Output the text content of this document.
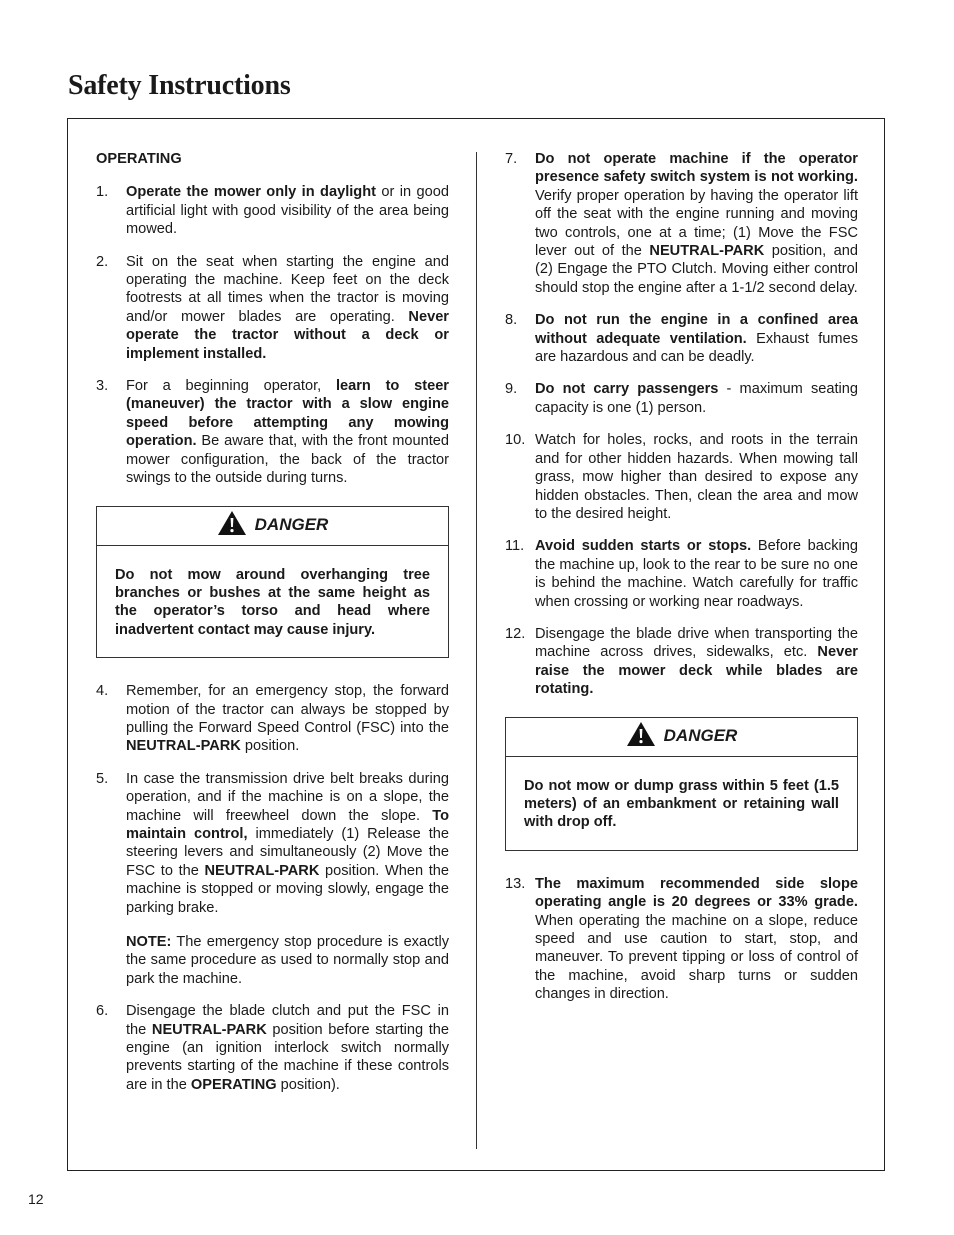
Safety Instructions
OPERATING
1.	Operate the mower only in daylight or in good artificial light with good visibility of the area being mowed.

2.	Sit on the seat when starting the engine and operating the machine. Keep feet on the deck footrests at all times when the tractor is moving and/or mower blades are operating. Never operate the tractor without a deck or implement installed.

3.	For a beginning operator, learn to steer (maneuver) the tractor with a slow engine speed before attempting any mowing operation. Be aware that, with the front mounted mower configuration, the back of the tractor swings to the outside during turns.

DANGER
Do not mow around overhanging tree branches or bushes at the same height as the operator’s torso and head where inadvertent contact may cause injury.
4.	Remember, for an emergency stop, the forward motion of the tractor can always be stopped by pulling the Forward Speed Control (FSC) into the NEUTRAL-PARK position.

5.	In case the transmission drive belt breaks during operation, and if the machine is on a slope, the machine will freewheel down the slope. To maintain control, immediately (1) Release the steering levers and simultaneously (2) Move the FSC to the NEUTRAL-PARK position. When the machine is stopped or moving slowly, engage the parking brake.

NOTE: The emergency stop procedure is exactly the same procedure as used to normally stop and park the machine.

6.	Disengage the blade clutch and put the FSC in the NEUTRAL-PARK position before starting the engine (an ignition interlock switch normally prevents starting of the machine if these controls are in the OPERATING position).

7.	Do not operate machine if the operator presence safety switch system is not working. Verify proper operation by having the operator lift off the seat with the engine running and moving two controls, one at a time; (1) Move the FSC lever out of the NEUTRAL-PARK position, and (2) Engage the PTO Clutch. Moving either control should stop the engine after a 1-1/2 second delay.

8.	Do not run the engine in a confined area without adequate ventilation. Exhaust fumes are hazardous and can be deadly.

9.	Do not carry passengers - maximum seating capacity is one (1) person.

10. Watch for holes, rocks, and roots in the terrain and for other hidden hazards. When mowing tall grass, mow higher than desired to expose any hidden obstacles. Then, clean the area and mow to the desired height.

11. Avoid sudden starts or stops. Before backing the machine up, look to the rear to be sure no one is behind the machine. Watch carefully for traffic when crossing or working near roadways.

12. Disengage the blade drive when transporting the machine across drives, sidewalks, etc. Never raise the mower deck while blades are rotating.

DANGER
Do not mow or dump grass within 5 feet (1.5 meters) of an embankment or retaining wall with drop off.
13. The maximum recommended side slope operating angle is 20 degrees or 33% grade. When operating the machine on a slope, reduce speed and use caution to start, stop, and maneuver. To prevent tipping or loss of control of the machine, avoid sharp turns or sudden changes in direction.

12
